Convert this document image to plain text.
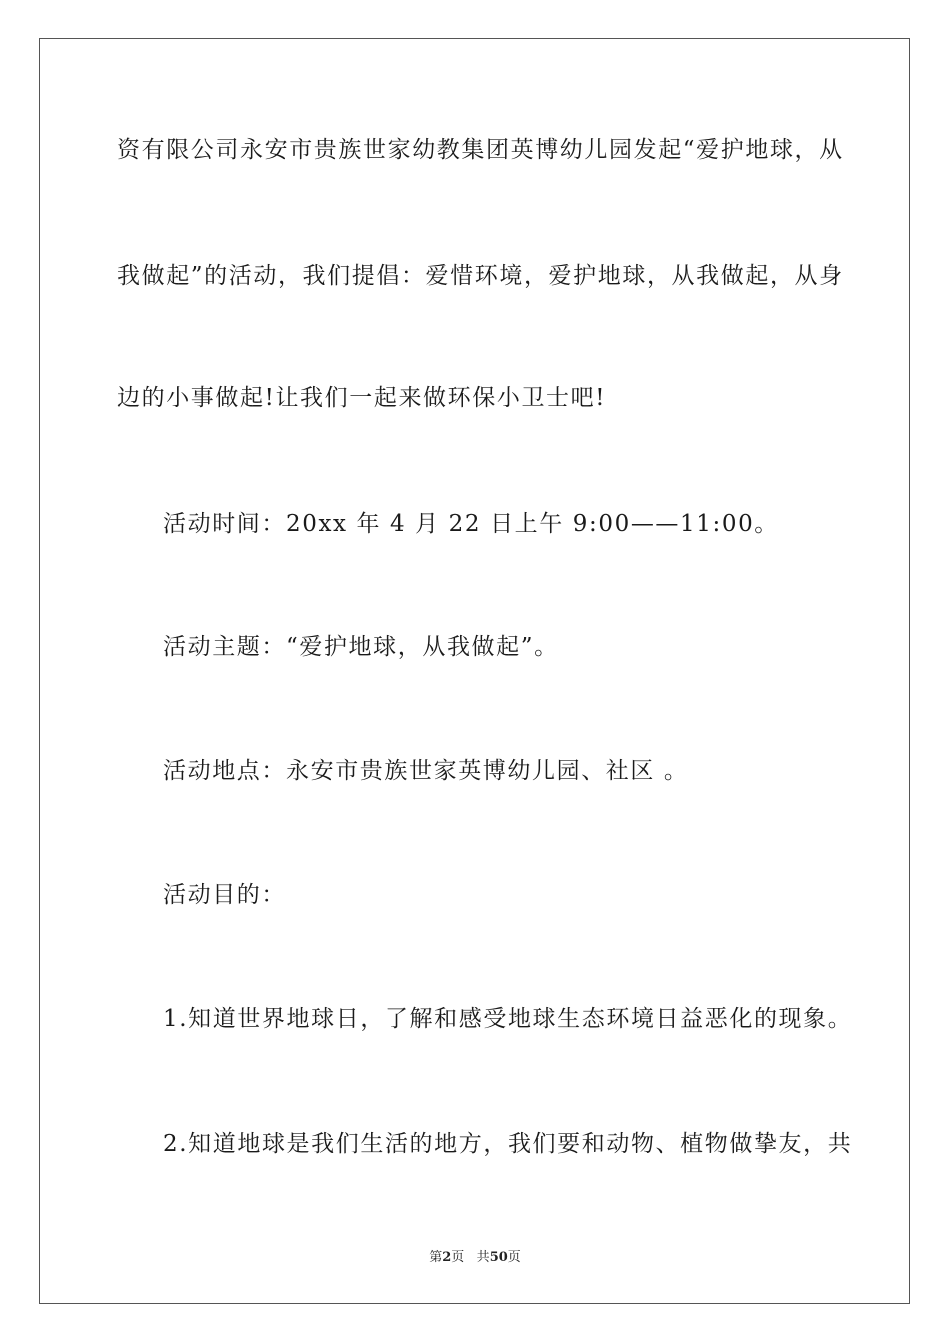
资有限公司永安市贵族世家幼教集团英博幼儿园发起“爱护地球，从
我做起”的活动，我们提倡：爱惜环境，爱护地球，从我做起，从身
边的小事做起!让我们一起来做环保小卫士吧!
活动时间：20xx 年 4 月 22 日上午 9:00——11:00。
活动主题：“爱护地球，从我做起”。
活动地点：永安市贵族世家英博幼儿园、社区 。
活动目的：
1.知道世界地球日，了解和感受地球生态环境日益恶化的现象。
2.知道地球是我们生活的地方，我们要和动物、植物做挚友，共
第2页 共50页
